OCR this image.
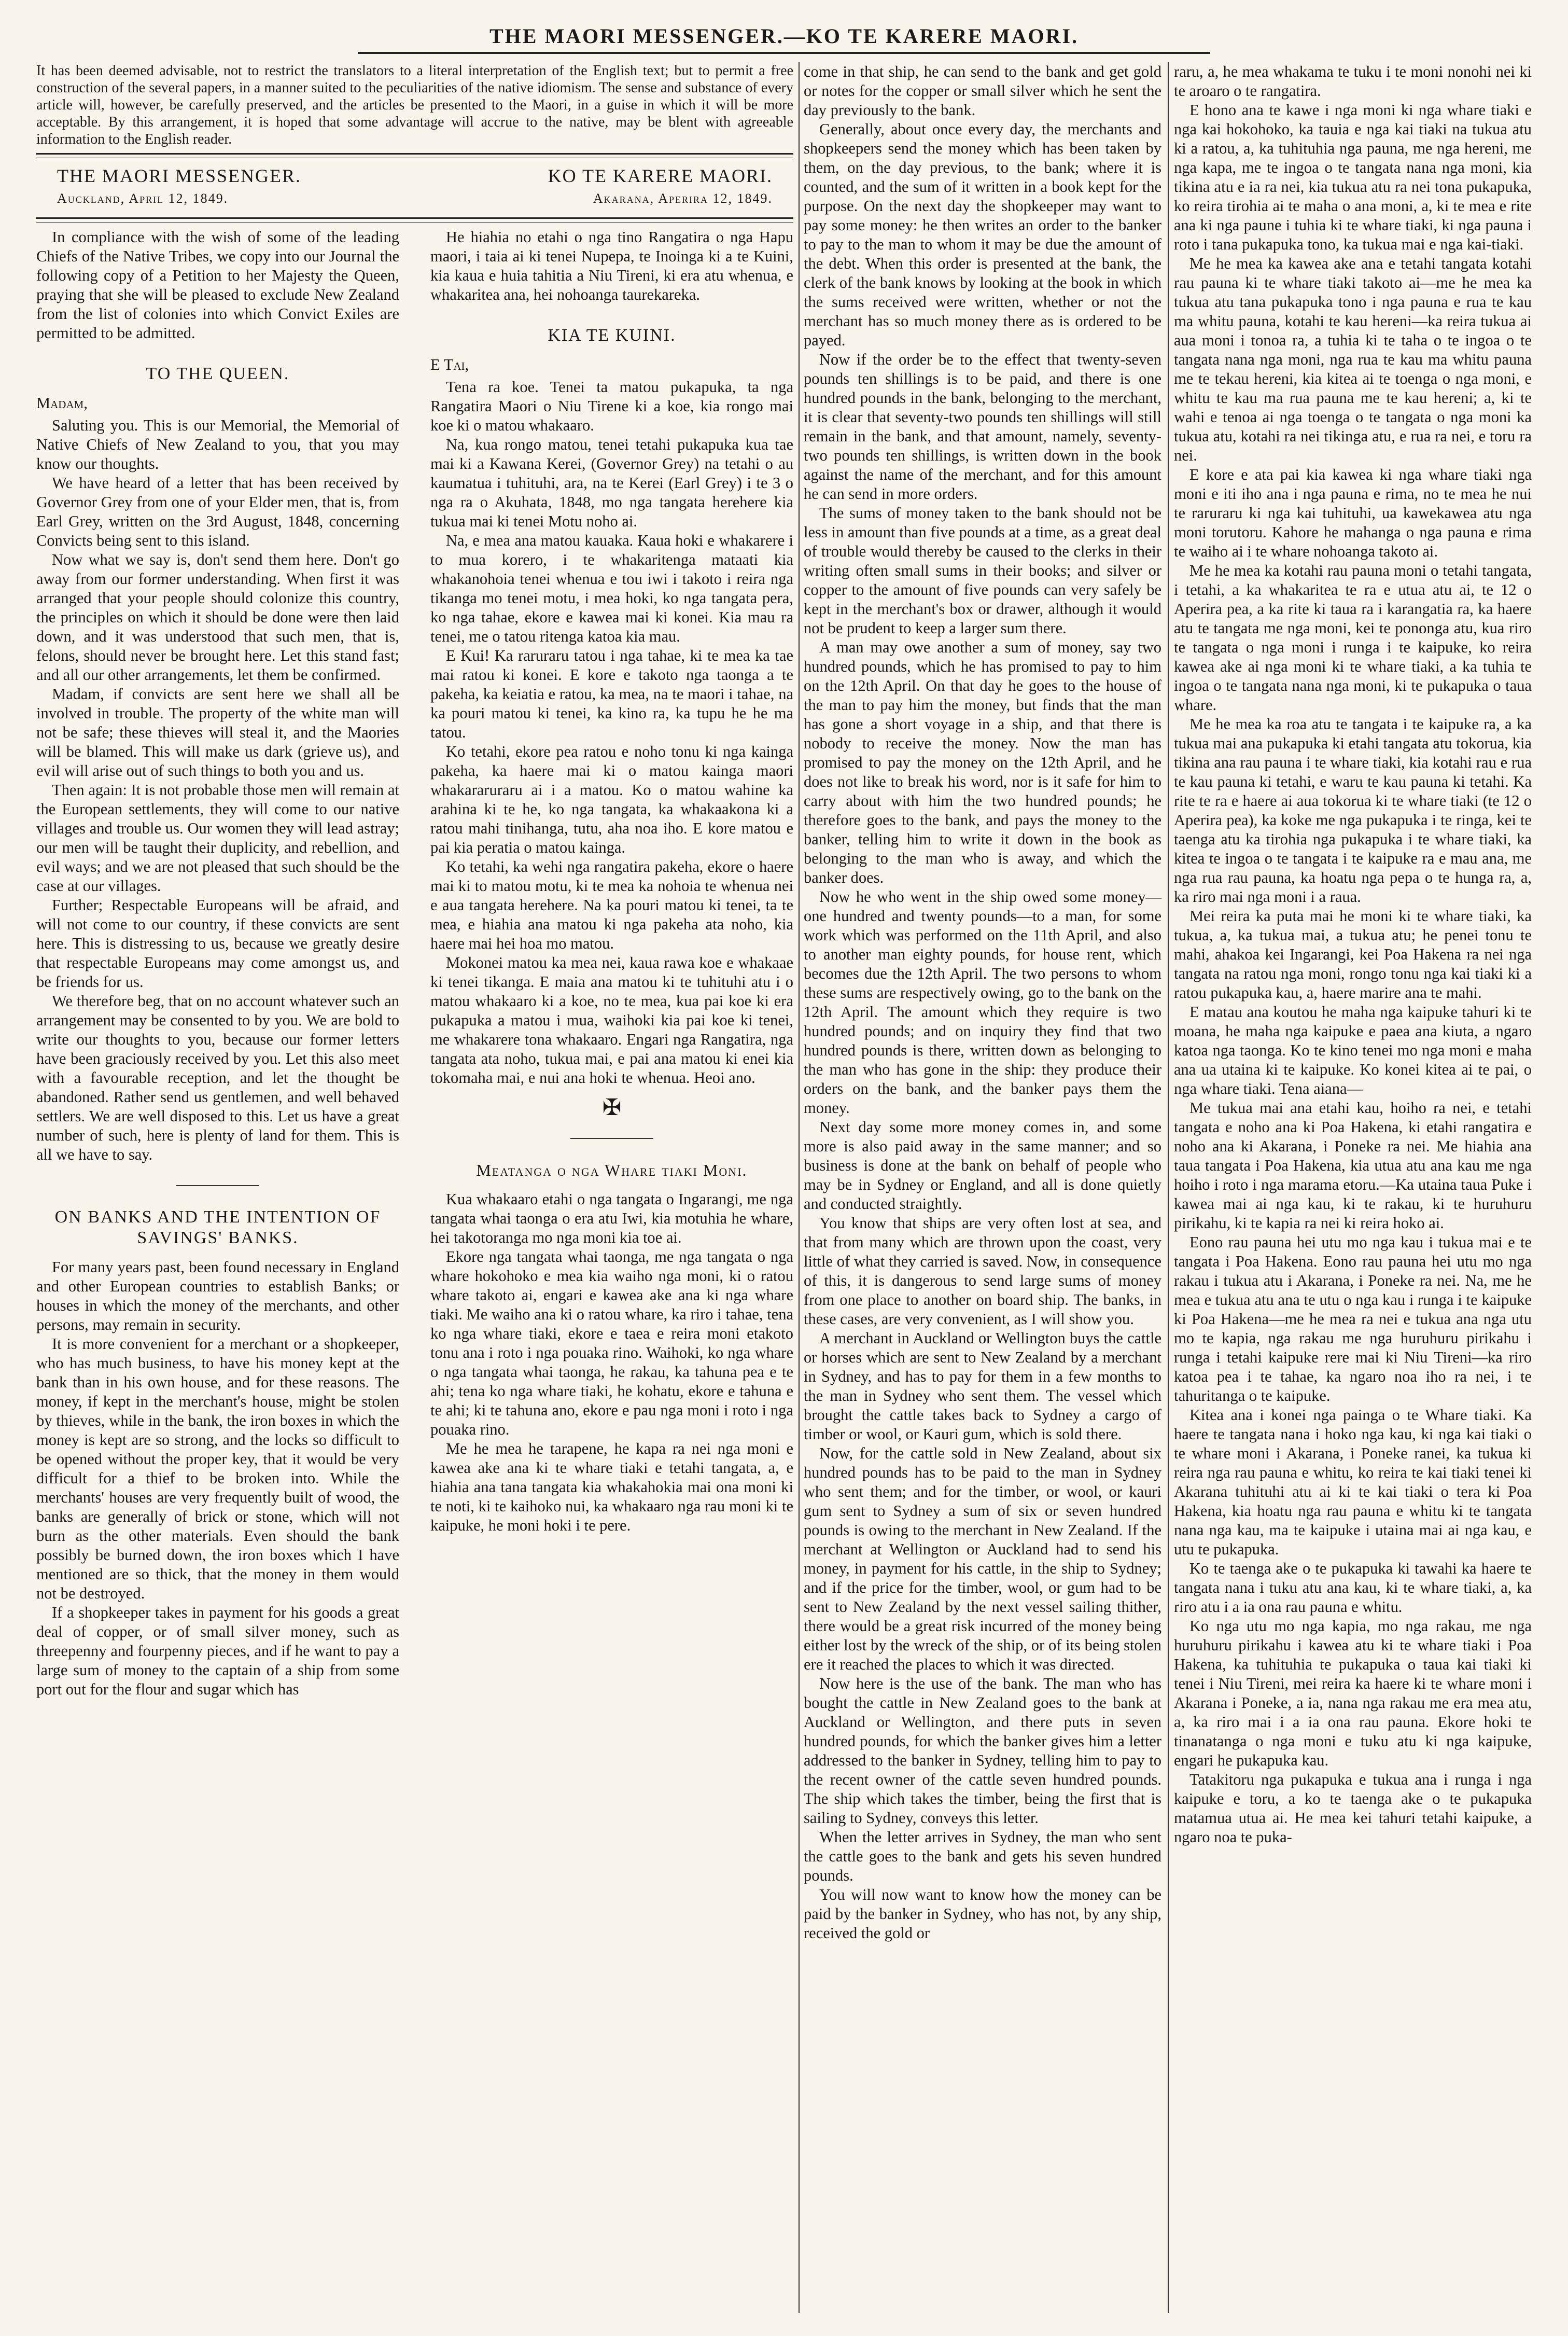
THE MAORI MESSENGER.—KO TE KARERE MAORI.

It has been deemed advisable, not to restrict the translators to a literal interpretation of the English text; but to permit a free construction of the several papers, in a manner suited to the peculiarities of the native idiomism. The sense and substance of every article will, however, be carefully preserved, and the articles be presented to the Maori, in a guise in which it will be more acceptable. By this arrangement, it is hoped that some advantage will accrue to the native, may be blent with agreeable information to the English reader.

THE MAORI MESSENGER.	KO TE KARERE MAORI.
Auckland, April 12, 1849.	Akarana, Aperira 12, 1849.

In compliance with the wish of some of the leading Chiefs of the Native Tribes, we copy into our Journal the following copy of a Petition to her Majesty the Queen, praying that she will be pleased to exclude New Zealand from the list of colonies into which Convict Exiles are permitted to be admitted.

TO THE QUEEN.
Madam,

Saluting you. This is our Memorial, the Memorial of Native Chiefs of New Zealand to you, that you may know our thoughts.

We have heard of a letter that has been received by Governor Grey from one of your Elder men, that is, from Earl Grey, written on the 3rd August, 1848, concerning Convicts being sent to this island.

Now what we say is, don't send them here. Don't go away from our former understanding. When first it was arranged that your people should colonize this country, the principles on which it should be done were then laid down, and it was understood that such men, that is, felons, should never be brought here. Let this stand fast; and all our other arrangements, let them be confirmed.

Madam, if convicts are sent here we shall all be involved in trouble. The property of the white man will not be safe; these thieves will steal it, and the Maories will be blamed. This will make us dark (grieve us), and evil will arise out of such things to both you and us.

Then again: It is not probable those men will remain at the European settlements, they will come to our native villages and trouble us. Our women they will lead astray; our men will be taught their duplicity, and rebellion, and evil ways; and we are not pleased that such should be the case at our villages.

Further; Respectable Europeans will be afraid, and will not come to our country, if these convicts are sent here. This is distressing to us, because we greatly desire that respectable Europeans may come amongst us, and be friends for us.

We therefore beg, that on no account whatever such an arrangement may be consented to by you. We are bold to write our thoughts to you, because our former letters have been graciously received by you. Let this also meet with a favourable reception, and let the thought be abandoned. Rather send us gentlemen, and well behaved settlers. We are well disposed to this. Let us have a great number of such, here is plenty of land for them. This is all we have to say.

ON BANKS AND THE INTENTION OF SAVINGS' BANKS.

For many years past, been found necessary in England and other European countries to establish Banks; or houses in which the money of the merchants, and other persons, may remain in security.

It is more convenient for a merchant or a shopkeeper, who has much business, to have his money kept at the bank than in his own house, and for these reasons. The money, if kept in the merchant's house, might be stolen by thieves, while in the bank, the iron boxes in which the money is kept are so strong, and the locks so difficult to be opened without the proper key, that it would be very difficult for a thief to be broken into. While the merchants' houses are very frequently built of wood, the banks are generally of brick or stone, which will not burn as the other materials. Even should the bank possibly be burned down, the iron boxes which I have mentioned are so thick, that the money in them would not be destroyed.

If a shopkeeper takes in payment for his goods a great deal of copper, or of small silver money, such as threepenny and fourpenny pieces, and if he want to pay a large sum of money to the captain of a ship from some port out for the flour and sugar which has

He hiahia no etahi o nga tino Rangatira o nga Hapu maori, i taia ai ki tenei Nupepa, te Inoinga ki a te Kuini, kia kaua e huia tahitia a Niu Tireni, ki era atu whenua, e whakaritea ana, hei nohoanga taurekareka.

KIA TE KUINI.
E Tai,

Tena ra koe. Tenei ta matou pukapuka, ta nga Rangatira Maori o Niu Tirene ki a koe, kia rongo mai koe ki o matou whakaaro.

Na, kua rongo matou, tenei tetahi pukapuka kua tae mai ki a Kawana Kerei, (Governor Grey) na tetahi o au kaumatua i tuhituhi, ara, na te Kerei (Earl Grey) i te 3 o nga ra o Akuhata, 1848, mo nga tangata herehere kia tukua mai ki tenei Motu noho ai.

Na, e mea ana matou kauaka. Kaua hoki e whakarere i to mua korero, i te whakaritenga mataati kia whakanohoia tenei whenua e tou iwi i takoto i reira nga tikanga mo tenei motu, i mea hoki, ko nga tangata pera, ko nga tahae, ekore e kawea mai ki konei. Kia mau ra tenei, me o tatou ritenga katoa kia mau.

E Kui! Ka raruraru tatou i nga tahae, ki te mea ka tae mai ratou ki konei. E kore e takoto nga taonga a te pakeha, ka keiatia e ratou, ka mea, na te maori i tahae, na ka pouri matou ki tenei, ka kino ra, ka tupu he he ma tatou.

Ko tetahi, ekore pea ratou e noho tonu ki nga kainga pakeha, ka haere mai ki o matou kainga maori whakararuraru ai i a matou. Ko o matou wahine ka arahina ki te he, ko nga tangata, ka whakaakona ki a ratou mahi tinihanga, tutu, aha noa iho. E kore matou e pai kia peratia o matou kainga.

Ko tetahi, ka wehi nga rangatira pakeha, ekore o haere mai ki to matou motu, ki te mea ka nohoia te whenua nei e aua tangata herehere. Na ka pouri matou ki tenei, ta te mea, e hiahia ana matou ki nga pakeha ata noho, kia haere mai hei hoa mo matou.

Mokonei matou ka mea nei, kaua rawa koe e whakaae ki tenei tikanga. E maia ana matou ki te tuhituhi atu i o matou whakaaro ki a koe, no te mea, kua pai koe ki era pukapuka a matou i mua, waihoki kia pai koe ki tenei, me whakarere tona whakaaro. Engari nga Rangatira, nga tangata ata noho, tukua mai, e pai ana matou ki enei kia tokomaha mai, e nui ana hoki te whenua. Heoi ano.

✠
Meatanga o nga Whare tiaki Moni.

Kua whakaaro etahi o nga tangata o Ingarangi, me nga tangata whai taonga o era atu Iwi, kia motuhia he whare, hei takotoranga mo nga moni kia toe ai.

Ekore nga tangata whai taonga, me nga tangata o nga whare hokohoko e mea kia waiho nga moni, ki o ratou whare takoto ai, engari e kawea ake ana ki nga whare tiaki. Me waiho ana ki o ratou whare, ka riro i tahae, tena ko nga whare tiaki, ekore e taea e reira moni etakoto tonu ana i roto i nga pouaka rino. Waihoki, ko nga whare o nga tangata whai taonga, he rakau, ka tahuna pea e te ahi; tena ko nga whare tiaki, he kohatu, ekore e tahuna e te ahi; ki te tahuna ano, ekore e pau nga moni i roto i nga pouaka rino.

Me he mea he tarapene, he kapa ra nei nga moni e kawea ake ana ki te whare tiaki e tetahi tangata, a, e hiahia ana tana tangata kia whakahokia mai ona moni ki te noti, ki te kaihoko nui, ka whakaaro nga rau moni ki te kaipuke, he moni hoki i te pere.

come in that ship, he can send to the bank and get gold or notes for the copper or small silver which he sent the day previously to the bank.

Generally, about once every day, the merchants and shopkeepers send the money which has been taken by them, on the day previous, to the bank; where it is counted, and the sum of it written in a book kept for the purpose. On the next day the shopkeeper may want to pay some money: he then writes an order to the banker to pay to the man to whom it may be due the amount of the debt. When this order is presented at the bank, the clerk of the bank knows by looking at the book in which the sums received were written, whether or not the merchant has so much money there as is ordered to be payed.

Now if the order be to the effect that twenty-seven pounds ten shillings is to be paid, and there is one hundred pounds in the bank, belonging to the merchant, it is clear that seventy-two pounds ten shillings will still remain in the bank, and that amount, namely, seventy-two pounds ten shillings, is written down in the book against the name of the merchant, and for this amount he can send in more orders.

The sums of money taken to the bank should not be less in amount than five pounds at a time, as a great deal of trouble would thereby be caused to the clerks in their writing often small sums in their books; and silver or copper to the amount of five pounds can very safely be kept in the merchant's box or drawer, although it would not be prudent to keep a larger sum there.

A man may owe another a sum of money, say two hundred pounds, which he has promised to pay to him on the 12th April. On that day he goes to the house of the man to pay him the money, but finds that the man has gone a short voyage in a ship, and that there is nobody to receive the money. Now the man has promised to pay the money on the 12th April, and he does not like to break his word, nor is it safe for him to carry about with him the two hundred pounds; he therefore goes to the bank, and pays the money to the banker, telling him to write it down in the book as belonging to the man who is away, and which the banker does.

Now he who went in the ship owed some money—one hundred and twenty pounds—to a man, for some work which was performed on the 11th April, and also to another man eighty pounds, for house rent, which becomes due the 12th April. The two persons to whom these sums are respectively owing, go to the bank on the 12th April. The amount which they require is two hundred pounds; and on inquiry they find that two hundred pounds is there, written down as belonging to the man who has gone in the ship: they produce their orders on the bank, and the banker pays them the money.

Next day some more money comes in, and some more is also paid away in the same manner; and so business is done at the bank on behalf of people who may be in Sydney or England, and all is done quietly and conducted straightly.

You know that ships are very often lost at sea, and that from many which are thrown upon the coast, very little of what they carried is saved. Now, in consequence of this, it is dangerous to send large sums of money from one place to another on board ship. The banks, in these cases, are very convenient, as I will show you.

A merchant in Auckland or Wellington buys the cattle or horses which are sent to New Zealand by a merchant in Sydney, and has to pay for them in a few months to the man in Sydney who sent them. The vessel which brought the cattle takes back to Sydney a cargo of timber or wool, or Kauri gum, which is sold there.

Now, for the cattle sold in New Zealand, about six hundred pounds has to be paid to the man in Sydney who sent them; and for the timber, or wool, or kauri gum sent to Sydney a sum of six or seven hundred pounds is owing to the merchant in New Zealand. If the merchant at Wellington or Auckland had to send his money, in payment for his cattle, in the ship to Sydney; and if the price for the timber, wool, or gum had to be sent to New Zealand by the next vessel sailing thither, there would be a great risk incurred of the money being either lost by the wreck of the ship, or of its being stolen ere it reached the places to which it was directed.

Now here is the use of the bank. The man who has bought the cattle in New Zealand goes to the bank at Auckland or Wellington, and there puts in seven hundred pounds, for which the banker gives him a letter addressed to the banker in Sydney, telling him to pay to the recent owner of the cattle seven hundred pounds. The ship which takes the timber, being the first that is sailing to Sydney, conveys this letter.

When the letter arrives in Sydney, the man who sent the cattle goes to the bank and gets his seven hundred pounds.

You will now want to know how the money can be paid by the banker in Sydney, who has not, by any ship, received the gold or

raru, a, he mea whakama te tuku i te moni nonohi nei ki te aroaro o te rangatira.

E hono ana te kawe i nga moni ki nga whare tiaki e nga kai hokohoko, ka tauia e nga kai tiaki na tukua atu ki a ratou, a, ka tuhituhia nga pauna, me nga hereni, me nga kapa, me te ingoa o te tangata nana nga moni, kia tikina atu e ia ra nei, kia tukua atu ra nei tona pukapuka, ko reira tirohia ai te maha o ana moni, a, ki te mea e rite ana ki nga paune i tuhia ki te whare tiaki, ki nga pauna i roto i tana pukapuka tono, ka tukua mai e nga kai-tiaki.

Me he mea ka kawea ake ana e tetahi tangata kotahi rau pauna ki te whare tiaki takoto ai—me he mea ka tukua atu tana pukapuka tono i nga pauna e rua te kau ma whitu pauna, kotahi te kau hereni—ka reira tukua ai aua moni i tonoa ra, a tuhia ki te taha o te ingoa o te tangata nana nga moni, nga rua te kau ma whitu pauna me te tekau hereni, kia kitea ai te toenga o nga moni, e whitu te kau ma rua pauna me te kau hereni; a, ki te wahi e tenoa ai nga toenga o te tangata o nga moni ka tukua atu, kotahi ra nei tikinga atu, e rua ra nei, e toru ra nei.

E kore e ata pai kia kawea ki nga whare tiaki nga moni e iti iho ana i nga pauna e rima, no te mea he nui te raruraru ki nga kai tuhituhi, ua kawekawea atu nga moni torutoru. Kahore he mahanga o nga pauna e rima te waiho ai i te whare nohoanga takoto ai.

Me he mea ka kotahi rau pauna moni o tetahi tangata, i tetahi, a ka whakaritea te ra e utua atu ai, te 12 o Aperira pea, a ka rite ki taua ra i karangatia ra, ka haere atu te tangata me nga moni, kei te pononga atu, kua riro te tangata o nga moni i runga i te kaipuke, ko reira kawea ake ai nga moni ki te whare tiaki, a ka tuhia te ingoa o te tangata nana nga moni, ki te pukapuka o taua whare.

Me he mea ka roa atu te tangata i te kaipuke ra, a ka tukua mai ana pukapuka ki etahi tangata atu tokorua, kia tikina ana rau pauna i te whare tiaki, kia kotahi rau e rua te kau pauna ki tetahi, e waru te kau pauna ki tetahi. Ka rite te ra e haere ai aua tokorua ki te whare tiaki (te 12 o Aperira pea), ka koke me nga pukapuka i te ringa, kei te taenga atu ka tirohia nga pukapuka i te whare tiaki, ka kitea te ingoa o te tangata i te kaipuke ra e mau ana, me nga rua rau pauna, ka hoatu nga pepa o te hunga ra, a, ka riro mai nga moni i a raua.

Mei reira ka puta mai he moni ki te whare tiaki, ka tukua, a, ka tukua mai, a tukua atu; he penei tonu te mahi, ahakoa kei Ingarangi, kei Poa Hakena ra nei nga tangata na ratou nga moni, rongo tonu nga kai tiaki ki a ratou pukapuka kau, a, haere marire ana te mahi.

E matau ana koutou he maha nga kaipuke tahuri ki te moana, he maha nga kaipuke e paea ana kiuta, a ngaro katoa nga taonga. Ko te kino tenei mo nga moni e maha ana ua utaina ki te kaipuke. Ko konei kitea ai te pai, o nga whare tiaki. Tena aiana—

Me tukua mai ana etahi kau, hoiho ra nei, e tetahi tangata e noho ana ki Poa Hakena, ki etahi rangatira e noho ana ki Akarana, i Poneke ra nei. Me hiahia ana taua tangata i Poa Hakena, kia utua atu ana kau me nga hoiho i roto i nga marama etoru.—Ka utaina taua Puke i kawea mai ai nga kau, ki te rakau, ki te huruhuru pirikahu, ki te kapia ra nei ki reira hoko ai.

Eono rau pauna hei utu mo nga kau i tukua mai e te tangata i Poa Hakena. Eono rau pauna hei utu mo nga rakau i tukua atu i Akarana, i Poneke ra nei. Na, me he mea e tukua atu ana te utu o nga kau i runga i te kaipuke ki Poa Hakena—me he mea ra nei e tukua ana nga utu mo te kapia, nga rakau me nga huruhuru pirikahu i runga i tetahi kaipuke rere mai ki Niu Tireni—ka riro katoa pea i te tahae, ka ngaro noa iho ra nei, i te tahuritanga o te kaipuke.

Kitea ana i konei nga painga o te Whare tiaki. Ka haere te tangata nana i hoko nga kau, ki nga kai tiaki o te whare moni i Akarana, i Poneke ranei, ka tukua ki reira nga rau pauna e whitu, ko reira te kai tiaki tenei ki Akarana tuhituhi atu ai ki te kai tiaki o tera ki Poa Hakena, kia hoatu nga rau pauna e whitu ki te tangata nana nga kau, ma te kaipuke i utaina mai ai nga kau, e utu te pukapuka.

Ko te taenga ake o te pukapuka ki tawahi ka haere te tangata nana i tuku atu ana kau, ki te whare tiaki, a, ka riro atu i a ia ona rau pauna e whitu.

Ko nga utu mo nga kapia, mo nga rakau, me nga huruhuru pirikahu i kawea atu ki te whare tiaki i Poa Hakena, ka tuhituhia te pukapuka o taua kai tiaki ki tenei i Niu Tireni, mei reira ka haere ki te whare moni i Akarana i Poneke, a ia, nana nga rakau me era mea atu, a, ka riro mai i a ia ona rau pauna. Ekore hoki te tinanatanga o nga moni e tuku atu ki nga kaipuke, engari he pukapuka kau.

Tatakitoru nga pukapuka e tukua ana i runga i nga kaipuke e toru, a ko te taenga ake o te pukapuka matamua utua ai. He mea kei tahuri tetahi kaipuke, a ngaro noa te puka-
